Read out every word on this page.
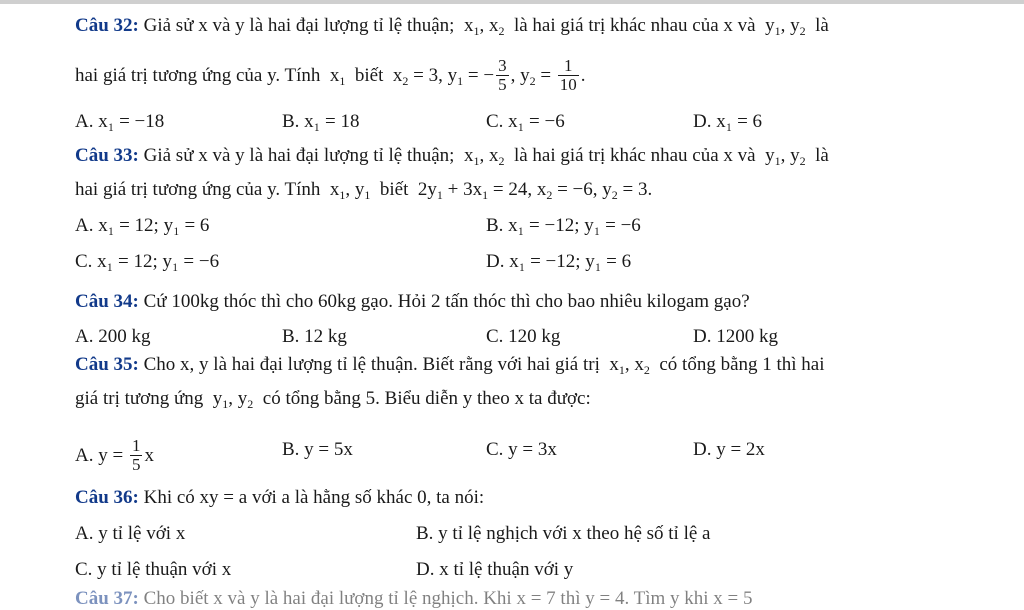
Câu 32: Giả sử x và y là hai đại lượng tỉ lệ thuận;  $x_1$, $x_2$ là hai giá trị khác nhau của x và  $y_1$, $y_2$ là
hai giá trị tương ứng của y. Tính  $x_1$ biết  $x_2 = 3$, $y_1$ = − $\frac{3}{5}$ , $y_2 = \frac{1}{10}$ .
A. x₁ = −18	B. x₁ = 18	C. x₁ = −6	D. x₁ = 6
Câu 33: Giả sử x và y là hai đại lượng tỉ lệ thuận;  $x_1$, $x_2$ là hai giá trị khác nhau của x và  $y_1$, $y_2$ là
hai giá trị tương ứng của y. Tính  $x_1$, $y_1$ biết  $2y_1 + 3x_1 = 24$, $x_2 = -6$, $y_2 = 3$.
A. x₁ = 12; y₁ = 6	B. x₁ = −12; y₁ = −6
C. x₁ = 12; y₁ = −6	D. x₁ = −12; y₁ = 6
Câu 34: Cứ 100kg thóc thì cho 60kg gạo. Hỏi 2 tấn thóc thì cho bao nhiêu kilogam gạo?
A. 200 kg	B. 12 kg	C. 120 kg	D. 1200 kg
Câu 35: Cho x, y là hai đại lượng tỉ lệ thuận. Biết rằng với hai giá trị  $x_1$, $x_2$ có tổng bằng 1 thì hai
giá trị tương ứng  $y_1$, $y_2$ có tổng bằng 5. Biểu diễn y theo x ta được:
A. $y = \frac{1}{5}$ x	B. y = 5x	C. y = 3x	D. y = 2x
Câu 36: Khi có xy = a với a là hằng số khác 0, ta nói:
A. y tỉ lệ với x	B. y tỉ lệ nghịch với x theo hệ số tỉ lệ a
C. y tỉ lệ thuận với x	D. x tỉ lệ thuận với y
Câu 37: Cho biết x và y là hai đại lượng tỉ lệ nghịch. Khi x = 7 thì y = 4. Tìm y khi x = 5
